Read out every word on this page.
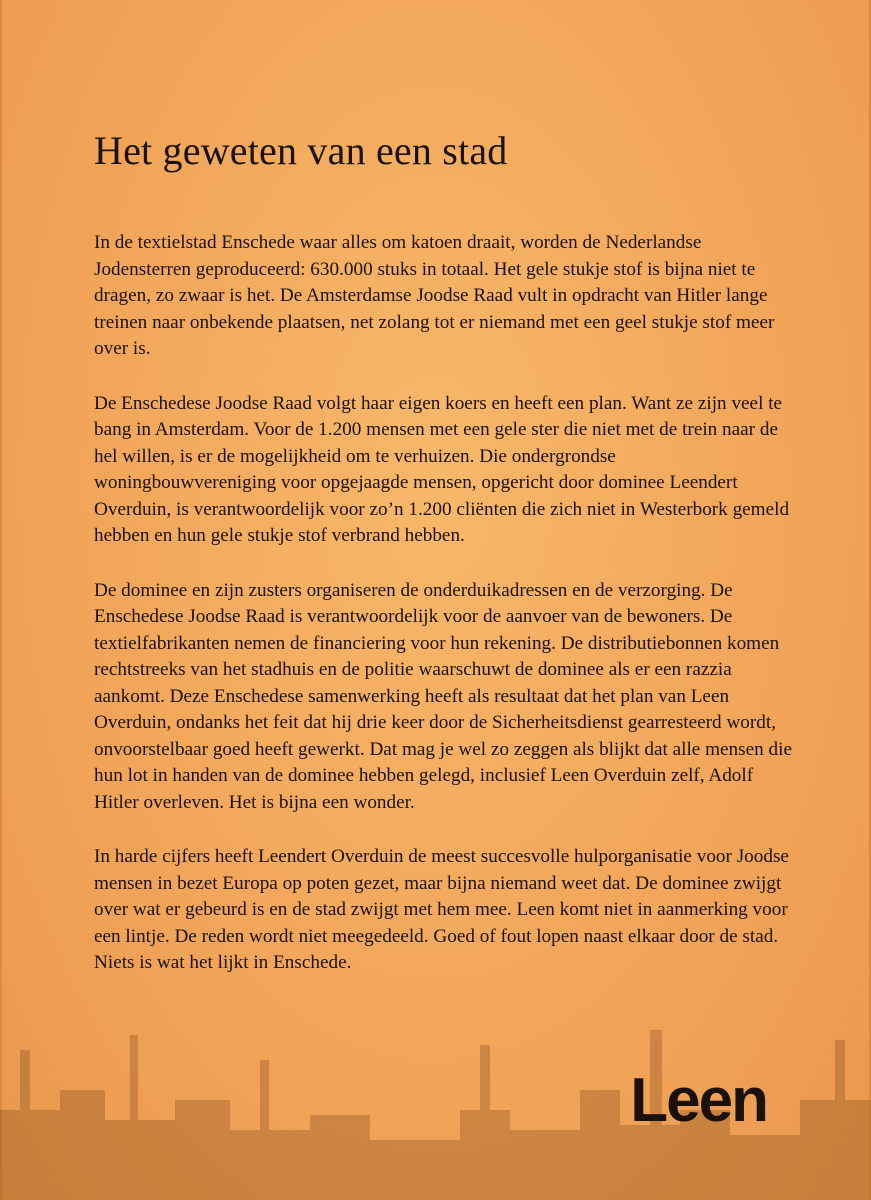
Het geweten van een stad

In de textielstad Enschede waar alles om katoen draait, worden de Nederlandse Jodensterren geproduceerd: 630.000 stuks in totaal. Het gele stukje stof is bijna niet te dragen, zo zwaar is het. De Amsterdamse Joodse Raad vult in opdracht van Hitler lange treinen naar onbekende plaatsen, net zolang tot er niemand met een geel stukje stof meer over is.

De Enschedese Joodse Raad volgt haar eigen koers en heeft een plan. Want ze zijn veel te bang in Amsterdam. Voor de 1.200 mensen met een gele ster die niet met de trein naar de hel willen, is er de mogelijkheid om te verhuizen. Die ondergrondse woningbouwvereniging voor opgejaagde mensen, opgericht door dominee Leendert Overduin, is verantwoordelijk voor zo’n 1.200 cliënten die zich niet in Westerbork gemeld hebben en hun gele stukje stof verbrand hebben.

De dominee en zijn zusters organiseren de onderduikadressen en de verzorging. De Enschedese Joodse Raad is verantwoordelijk voor de aanvoer van de bewoners. De textielfabrikanten nemen de financiering voor hun rekening. De distributiebonnen komen rechtstreeks van het stadhuis en de politie waarschuwt de dominee als er een razzia aankomt. Deze Enschedese samenwerking heeft als resultaat dat het plan van Leen Overduin, ondanks het feit dat hij drie keer door de Sicherheitsdienst gearresteerd wordt, onvoorstelbaar goed heeft gewerkt. Dat mag je wel zo zeggen als blijkt dat alle mensen die hun lot in handen van de dominee hebben gelegd, inclusief Leen Overduin zelf, Adolf Hitler overleven. Het is bijna een wonder.

In harde cijfers heeft Leendert Overduin de meest succesvolle hulporganisatie voor Joodse mensen in bezet Europa op poten gezet, maar bijna niemand weet dat. De dominee zwijgt over wat er gebeurd is en de stad zwijgt met hem mee. Leen komt niet in aanmerking voor een lintje. De reden wordt niet meegedeeld. Goed of fout lopen naast elkaar door de stad. Niets is wat het lijkt in Enschede.

Leen
